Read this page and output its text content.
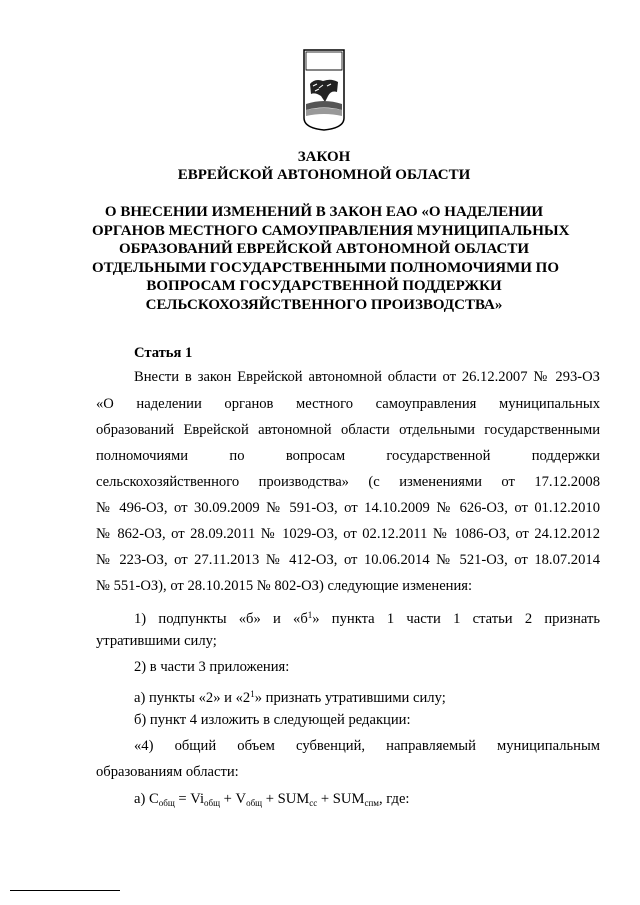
ЗАКОН
ЕВРЕЙСКОЙ АВТОНОМНОЙ ОБЛАСТИ
О ВНЕСЕНИИ ИЗМЕНЕНИЙ В ЗАКОН ЕАО «О НАДЕЛЕНИИ
ОРГАНОВ МЕСТНОГО САМОУПРАВЛЕНИЯ МУНИЦИПАЛЬНЫХ
ОБРАЗОВАНИЙ ЕВРЕЙСКОЙ АВТОНОМНОЙ ОБЛАСТИ
ОТДЕЛЬНЫМИ ГОСУДАРСТВЕННЫМИ ПОЛНОМОЧИЯМИ ПО
ВОПРОСАМ ГОСУДАРСТВЕННОЙ ПОДДЕРЖКИ
СЕЛЬСКОХОЗЯЙСТВЕННОГО ПРОИЗВОДСТВА»
Статья 1
Внести в закон Еврейской автономной области от 26.12.2007 № 293-ОЗ
«О наделении органов местного самоуправления муниципальных
образований Еврейской автономной области отдельными государственными
полномочиями по вопросам государственной поддержки
сельскохозяйственного производства» (с изменениями от 17.12.2008
№ 496-ОЗ, от 30.09.2009 № 591-ОЗ, от 14.10.2009 № 626-ОЗ, от 01.12.2010
№ 862-ОЗ, от 28.09.2011 № 1029-ОЗ, от 02.12.2011 № 1086-ОЗ, от 24.12.2012
№ 223-ОЗ, от 27.11.2013 № 412-ОЗ, от 10.06.2014 № 521-ОЗ, от 18.07.2014
№ 551-ОЗ), от 28.10.2015 № 802-ОЗ) следующие изменения:
1) подпункты «б» и «$б^1$» пункта 1 части 1 статьи 2 признать
утратившими силу;
2) в части 3 приложения:
а) пункты «2» и «$2^1$» признать утратившими силу;
б) пункт 4 изложить в следующей редакции:
«4) общий объем субвенций, направляемый муниципальным
образованиям области:
а) $С_{общ} = Vi_{общ} + V_{общ} + SUM_{сс} + SUM_{спм}$, где:
